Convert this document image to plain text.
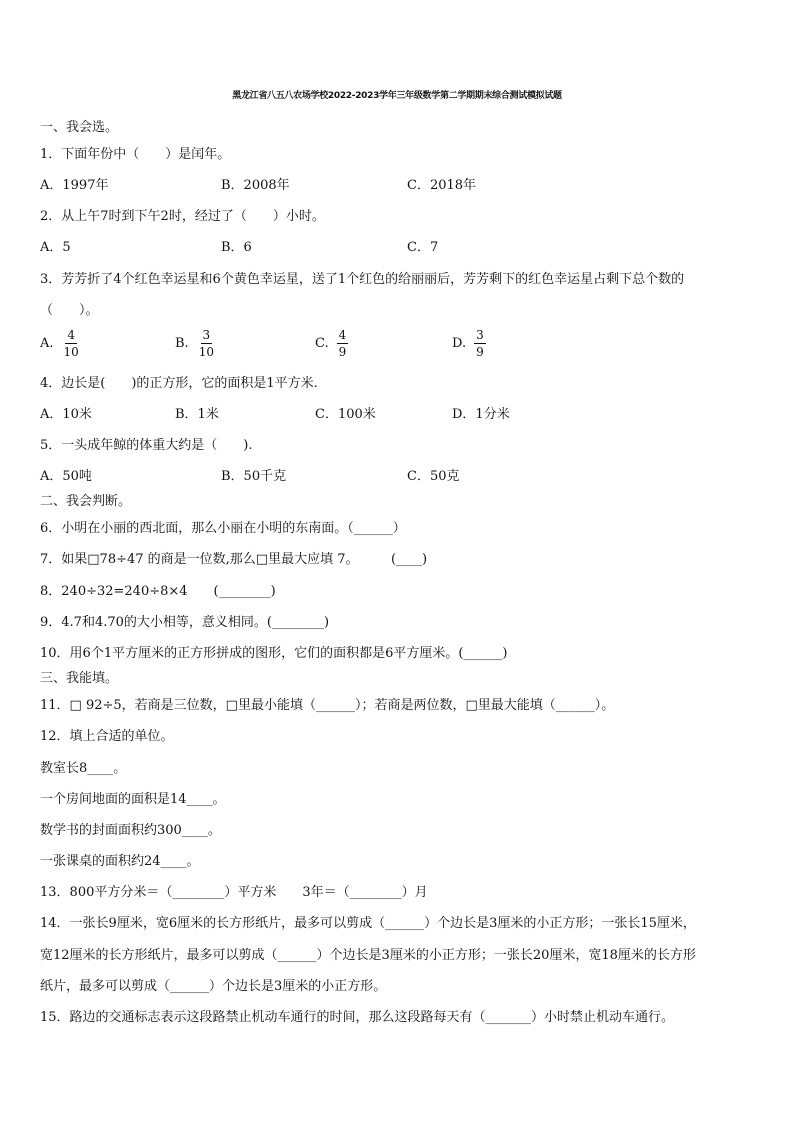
黑龙江省八五八农场学校2022-2023学年三年级数学第二学期期末综合测试模拟试题
一、我会选。
1．下面年份中（　　）是闰年。
A．1997年	B．2008年	C．2018年
2．从上午7时到下午2时，经过了（　　）小时。
A．5	B．6	C．7
3．芳芳折了4个红色幸运星和6个黄色幸运星，送了1个红色的给丽丽后，芳芳剩下的红色幸运星占剩下总个数的
（　　）。
A. $\frac{4}{10}$	B. $\frac{3}{10}$	C. $\frac{4}{9}$	D. $\frac{3}{9}$
4．边长是(　　)的正方形，它的面积是1平方米.
A．10米	B．1米	C．100米	D．1分米
5．一头成年鲸的体重大约是（　　).
A．50吨	B．50千克	C．50克
二、我会判断。
6．小明在小丽的西北面，那么小丽在小明的东南面。（______）
7．如果□78÷47 的商是一位数,那么□里最大应填 7。　　　(____)
8．240÷32=240÷8×4　　(________)
9．4.7和4.70的大小相等，意义相同。(________)
10．用6个1平方厘米的正方形拼成的图形，它们的面积都是6平方厘米。(______)
三、我能填。
11．□ 92÷5，若商是三位数，□里最小能填（______）；若商是两位数，□里最大能填（______）。
12．填上合适的单位。
教室长8____。
一个房间地面的面积是14____。
数学书的封面面积约300____。
一张课桌的面积约24____。
13．800平方分米＝（________）平方米　　3年＝（________）月
14．一张长9厘米，宽6厘米的长方形纸片，最多可以剪成（______）个边长是3厘米的小正方形；一张长15厘米，
宽12厘米的长方形纸片，最多可以剪成（______）个边长是3厘米的小正方形；一张长20厘米，宽18厘米的长方形
纸片，最多可以剪成（______）个边长是3厘米的小正方形。
15．路边的交通标志表示这段路禁止机动车通行的时间，那么这段路每天有（_______）小时禁止机动车通行。
